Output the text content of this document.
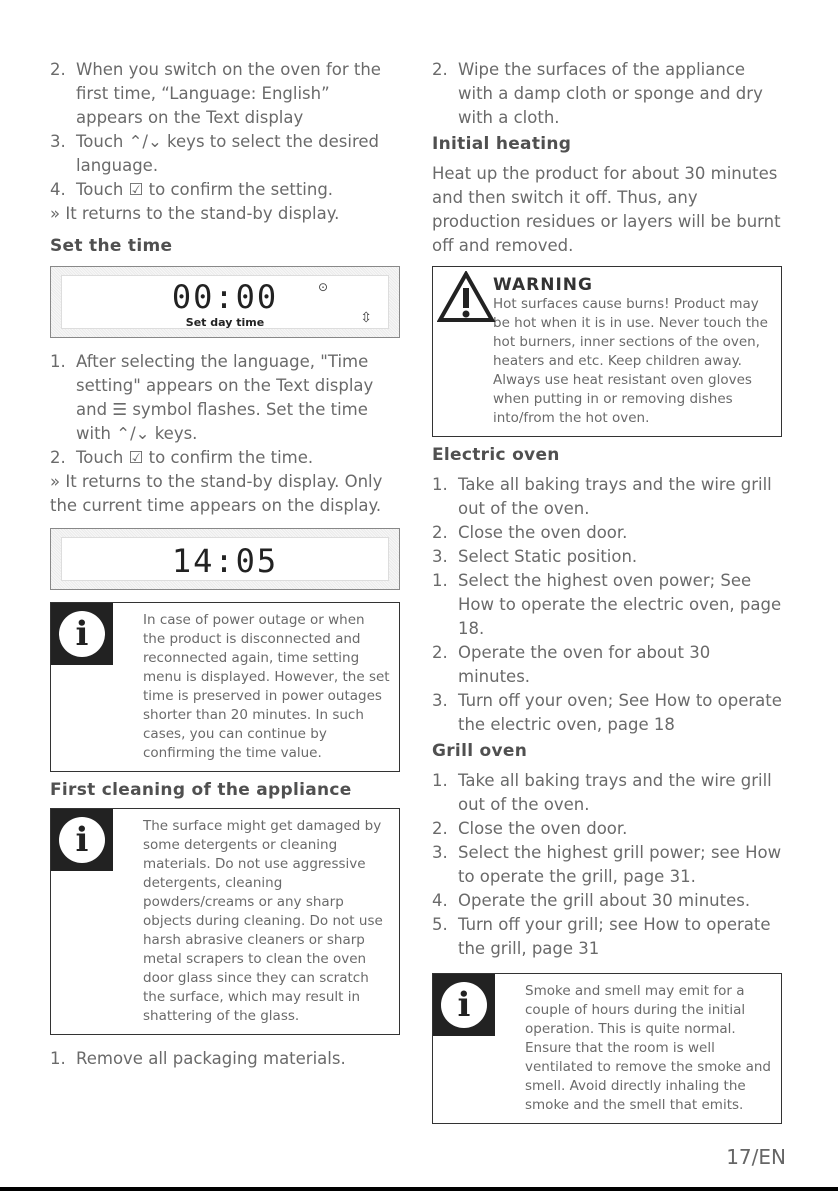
2. When you switch on the oven for the first time, “Language: English” appears on the Text display
3. Touch ⌃/⌄ keys to select the desired language.
4. Touch ☑ to confirm the setting.
» It returns to the stand-by display.
Set the time
00:00	⊙
Set day time	⇳
1. After selecting the language, "Time setting" appears on the Text display and ☰ symbol flashes. Set the time with ⌃/⌄ keys.
2. Touch ☑ to confirm the time.
» It returns to the stand-by display. Only the current time appears on the display.
14:05
i	In case of power outage or when the product is disconnected and reconnected again, time setting menu is displayed. However, the set time is preserved in power outages shorter than 20 minutes. In such cases, you can continue by confirming the time value.
First cleaning of the appliance
i	The surface might get damaged by some detergents or cleaning materials. Do not use aggressive detergents, cleaning powders/creams or any sharp objects during cleaning. Do not use harsh abrasive cleaners or sharp metal scrapers to clean the oven door glass since they can scratch the surface, which may result in shattering of the glass.
1. Remove all packaging materials.
2. Wipe the surfaces of the appliance with a damp cloth or sponge and dry with a cloth.
Initial heating
Heat up the product for about 30 minutes and then switch it off. Thus, any production residues or layers will be burnt off and removed.
WARNING
Hot surfaces cause burns! Product may be hot when it is in use. Never touch the hot burners, inner sections of the oven, heaters and etc. Keep children away. Always use heat resistant oven gloves when putting in or removing dishes into/from the hot oven.
Electric oven
1. Take all baking trays and the wire grill out of the oven.
2. Close the oven door.
3. Select Static position.
1. Select the highest oven power; See How to operate the electric oven, page 18.
2. Operate the oven for about 30 minutes.
3. Turn off your oven; See How to operate the electric oven, page 18
Grill oven
1. Take all baking trays and the wire grill out of the oven.
2. Close the oven door.
3. Select the highest grill power; see How to operate the grill, page 31.
4. Operate the grill about 30 minutes.
5. Turn off your grill; see How to operate the grill, page 31
i	Smoke and smell may emit for a couple of hours during the initial operation. This is quite normal. Ensure that the room is well ventilated to remove the smoke and smell. Avoid directly inhaling the smoke and the smell that emits.
17/EN
